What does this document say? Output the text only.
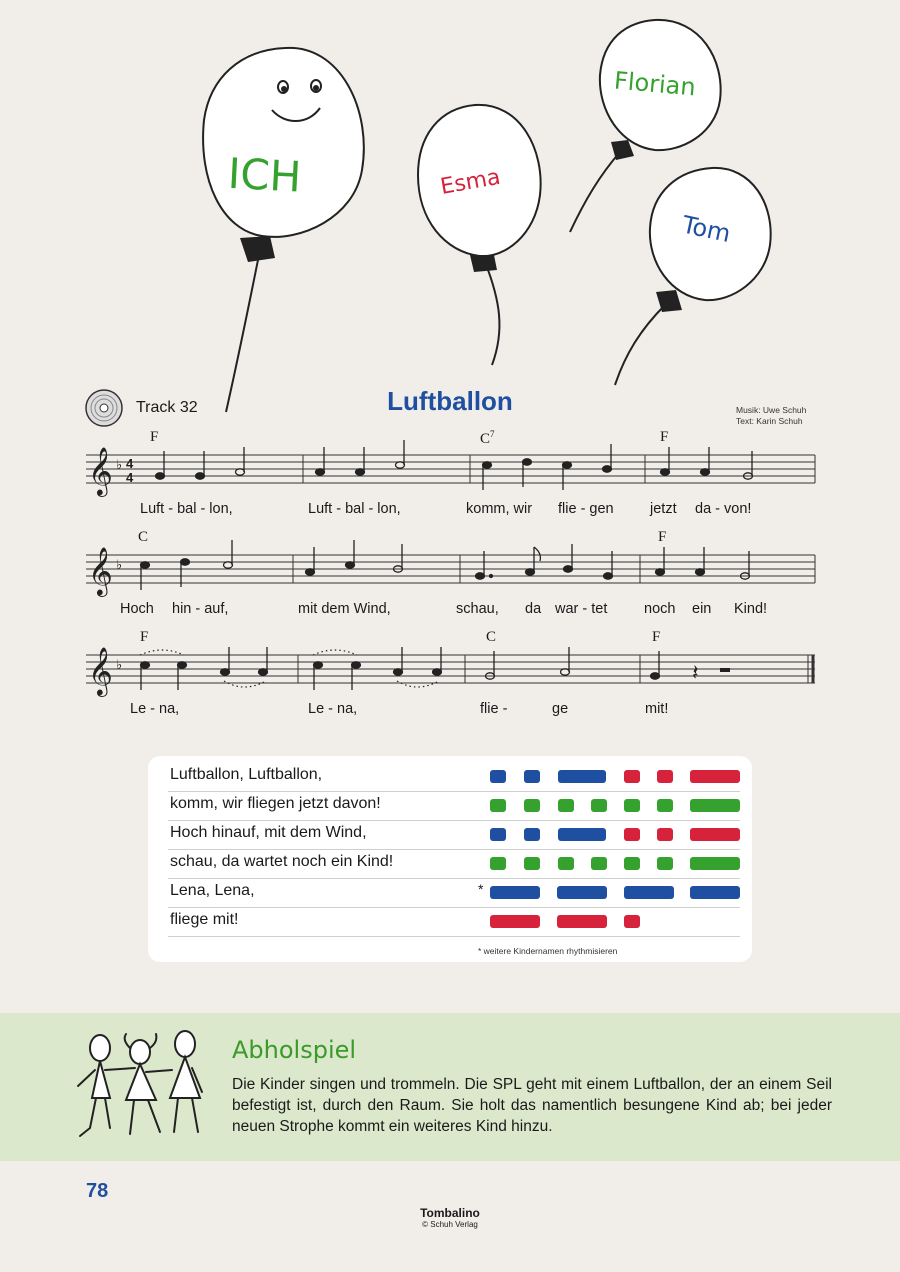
ICH	Esma
Florian
Tom
Track 32	Luftballon	Musik: Uwe Schuh
Text: Karin Schuh
F	$C^7$	F
𝄞 ♭ 4
4
Luft - bal - lon,	Luft - bal - lon,	komm, wir flie - gen	jetzt da - von!
C	F
𝄞 ♭
Hoch hin - auf,	mit dem Wind,	schau, da war - tet	noch ein Kind!
F	C	F
𝄞 ♭	𝄽
Le - na,	Le - na,	flie -	ge	mit!
Luftballon, Luftballon,
komm, wir fliegen jetzt davon!
Hoch hinauf, mit dem Wind,
schau, da wartet noch ein Kind!
Lena, Lena,	*
fliege mit!
* weitere Kindernamen rhythmisieren
Abholspiel
Die Kinder singen und trommeln. Die SPL geht mit einem Luftballon, der an einem Seil befestigt ist, durch den Raum. Sie holt das namentlich besungene Kind ab; bei jeder neuen Strophe kommt ein weiteres Kind hinzu.
78
Tombalino
© Schuh Verlag
